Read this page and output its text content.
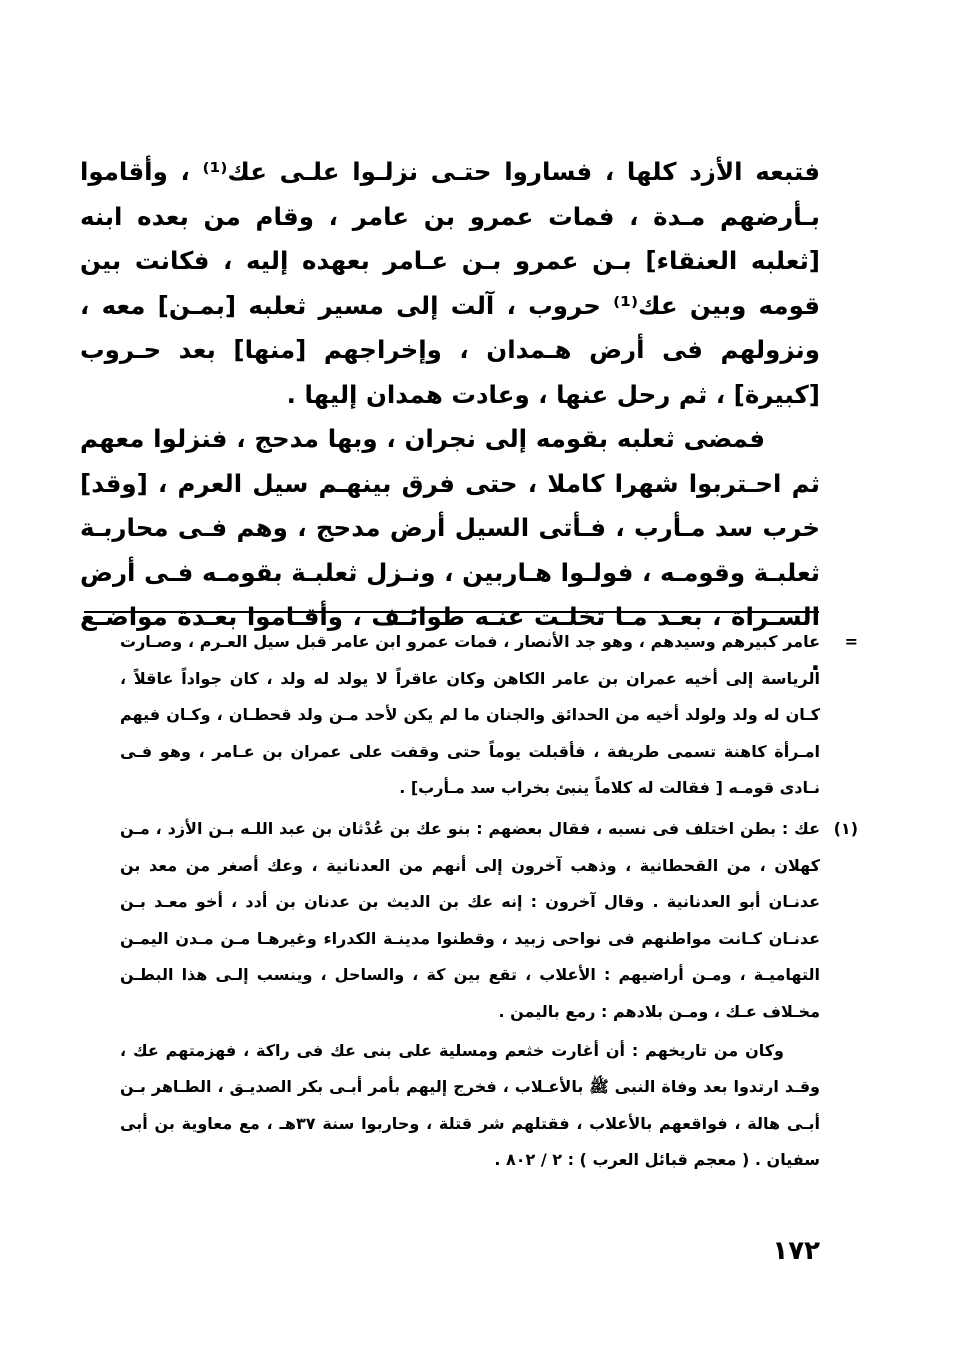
فتبعه الأزد كلها ، فساروا حتـى نزلـوا علـى عك⁽¹⁾ ، وأقاموا بـأرضهم مـدة ، فمات عمرو بن عامر ، وقام من بعده ابنه [ثعلبه العنقاء] بـن عمرو بـن عـامر بعهده إليه ، فكانت بين قومه وبين عك⁽¹⁾ حروب ، آلت إلى مسير ثعلبه [بمـن] معه ، ونزولهم فى أرض هـمدان ، وإخراجهم [منها] بعد حـروب [كبيرة] ، ثم رحل عنها ، وعادت همدان إليها .

فمضى ثعلبه بقومه إلى نجران ، وبها مدحج ، فنزلوا معهم ثم احـتربوا شهرا كاملا ، حتى فرق بينهـم سيل العرم ، [وقد] خرب سد مـأرب ، فـأتى السيل أرض مدحج ، وهم فـى محاربـة ثعلبـة وقومـه ، فولـوا هـاربين ، ونـزل ثعلبـة بقومـه فـى أرض السـراة ، بعـد مـا تخلـت عنـه طوائـف ، وأقـاموا بعـدة مواضـع .

=

عامر كبيرهم وسيدهم ، وهو جد الأنصار ، فمات عمرو ابن عامر قبل سيل العـرم ، وصـارت الرياسة إلى أخيه عمران بن عامر الكاهن وكان عاقراً لا يولد له ولد ، كان جواداً عاقلاً ، كـان له ولد ولولد أخيه من الحدائق والجنان ما لم يكن لأحد مـن ولد قحطـان ، وكـان فيهم امـرأة كاهنة تسمى طريفة ، فأقبلت يوماً حتى وقفت على عمران بن عـامر ، وهو فـى نـادى قومـه [ فقالت له كلاماً ينبئ بخراب سد مـأرب] .

(١)

عك : بطن اختلف فى نسبه ، فقال بعضهم : بنو عك بن عُدْثان بن عبد اللـه بـن الأزد ، مـن كهلان ، من القحطانية ، وذهب آخرون إلى أنهم من العدنانية ، وعك أصغر من معد بن عدنـان أبو العدنانية . وقال آخرون : إنه عك بن الديث بن عدنان بن أدد ، أخو معـد بـن عدنـان كـانت مواطنهم فى نواحى زبيد ، وقطنوا مدينـة الكدراء وغيرهـا مـن مـدن اليمـن التهاميـة ، ومـن أراضيهم : الأعلاب ، تقع بين كة ، والساحل ، وينسب إلـى هذا البطـن مخـلاف عـك ، ومـن بلادهم : رمع باليمن .

وكان من تاريخهم : أن أغارت خثعم ومسلية على بنى عك فى راكة ، فهزمتهم عك ، وقـد ارتدوا بعد وفاة النبى ﷺ بالأعـلاب ، فخرج إليهم بأمر أبـى بكر الصديـق ، الطـاهر بـن أبـى هالة ، فواقعهم بالأعلاب ، فقتلهم شر قتلة ، وحاربوا سنة ٣٧هـ ، مع معاوية بن أبى سفيان . ( معجم قبائل العرب ) : ٢ / ٨٠٢ .

١٧٢
